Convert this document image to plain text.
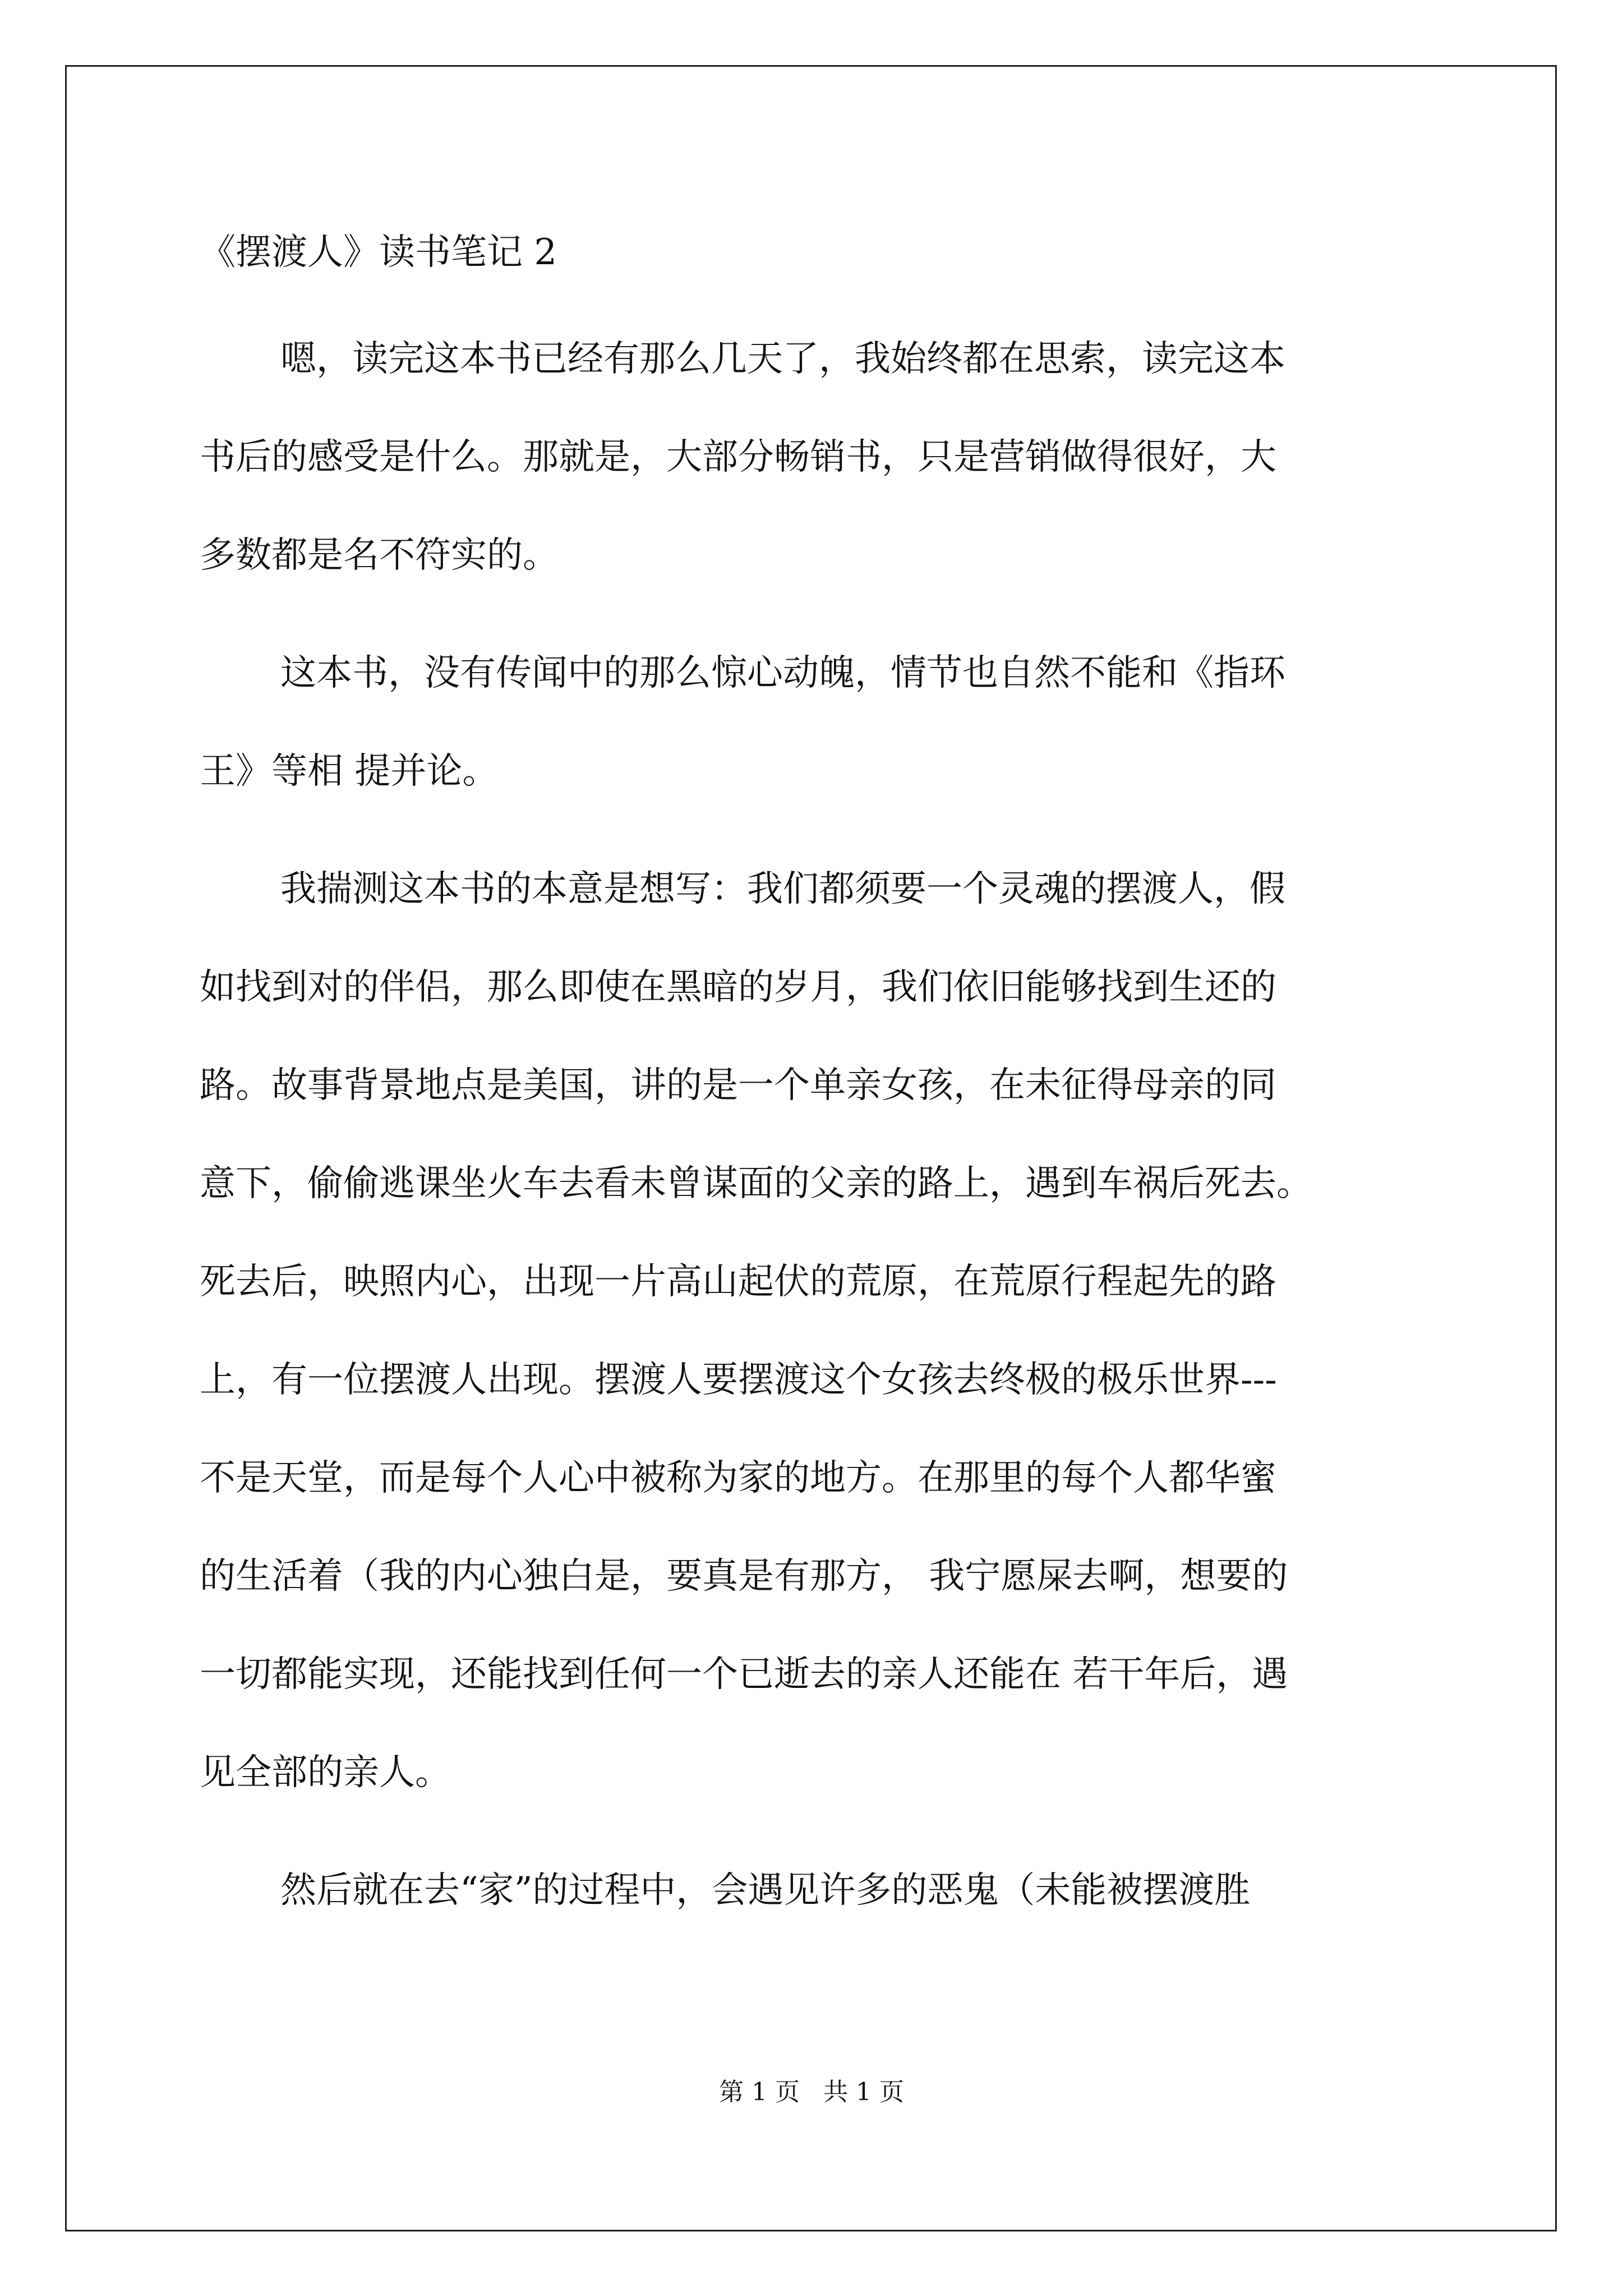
《摆渡人》读书笔记 2
嗯，读完这本书已经有那么几天了，我始终都在思索，读完这本
书后的感受是什么。那就是，大部分畅销书，只是营销做得很好，大
多数都是名不符实的。
这本书，没有传闻中的那么惊心动魄，情节也自然不能和《指环
王》等相 提并论。
我揣测这本书的本意是想写：我们都须要一个灵魂的摆渡人，假
如找到对的伴侣，那么即使在黑暗的岁月，我们依旧能够找到生还的
路。故事背景地点是美国，讲的是一个单亲女孩，在未征得母亲的同
意下，偷偷逃课坐火车去看未曾谋面的父亲的路上，遇到车祸后死去。
死去后，映照内心，出现一片高山起伏的荒原，在荒原行程起先的路
上，有一位摆渡人出现。摆渡人要摆渡这个女孩去终极的极乐世界---
不是天堂，而是每个人心中被称为家的地方。在那里的每个人都华蜜
的生活着（我的内心独白是，要真是有那方， 我宁愿屎去啊，想要的
一切都能实现，还能找到任何一个已逝去的亲人还能在 若干年后，遇
见全部的亲人。
然后就在去“家”的过程中，会遇见许多的恶鬼（未能被摆渡胜
第 1 页   共 1 页
